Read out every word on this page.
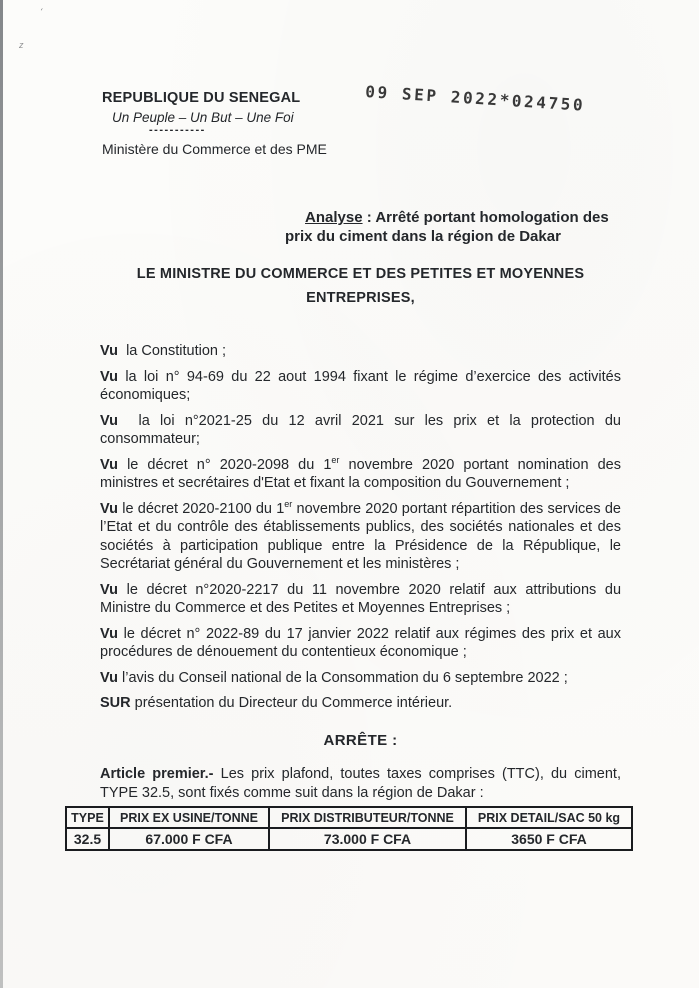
ʻ
z
09 SEP 2022*024750
REPUBLIQUE DU SENEGAL
Un Peuple – Un But – Une Foi
-----------
Ministère du Commerce et des PME
Analyse : Arrêté portant homologation des
prix du ciment dans la région de Dakar
LE MINISTRE DU COMMERCE ET DES PETITES ET MOYENNES
ENTREPRISES,

Vu la Constitution ;

Vu la loi n° 94-69 du 22 aout 1994 fixant le régime d’exercice des activités économiques;

Vu la loi n°2021-25 du 12 avril 2021 sur les prix et la protection du consommateur;

Vu le décret n° 2020-2098 du 1er novembre 2020 portant nomination des ministres et secrétaires d'Etat et fixant la composition du Gouvernement ;

Vu le décret 2020-2100 du 1er novembre 2020 portant répartition des services de l’Etat et du contrôle des établissements publics, des sociétés nationales et des sociétés à participation publique entre la Présidence de la République, le Secrétariat général du Gouvernement et les ministères ;

Vu le décret n°2020-2217 du 11 novembre 2020 relatif aux attributions du Ministre du Commerce et des Petites et Moyennes Entreprises ;

Vu le décret n° 2022-89 du 17 janvier 2022 relatif aux régimes des prix et aux procédures de dénouement du contentieux économique ;

Vu l’avis du Conseil national de la Consommation du 6 septembre 2022 ;

SUR présentation du Directeur du Commerce intérieur.

ARRÊTE :

Article premier.- Les prix plafond, toutes taxes comprises (TTC), du ciment, TYPE 32.5, sont fixés comme suit dans la région de Dakar :

TYPE	PRIX EX USINE/TONNE	PRIX DISTRIBUTEUR/TONNE	PRIX DETAIL/SAC 50 kg
32.5	67.000 F CFA	73.000 F CFA	3650 F CFA
